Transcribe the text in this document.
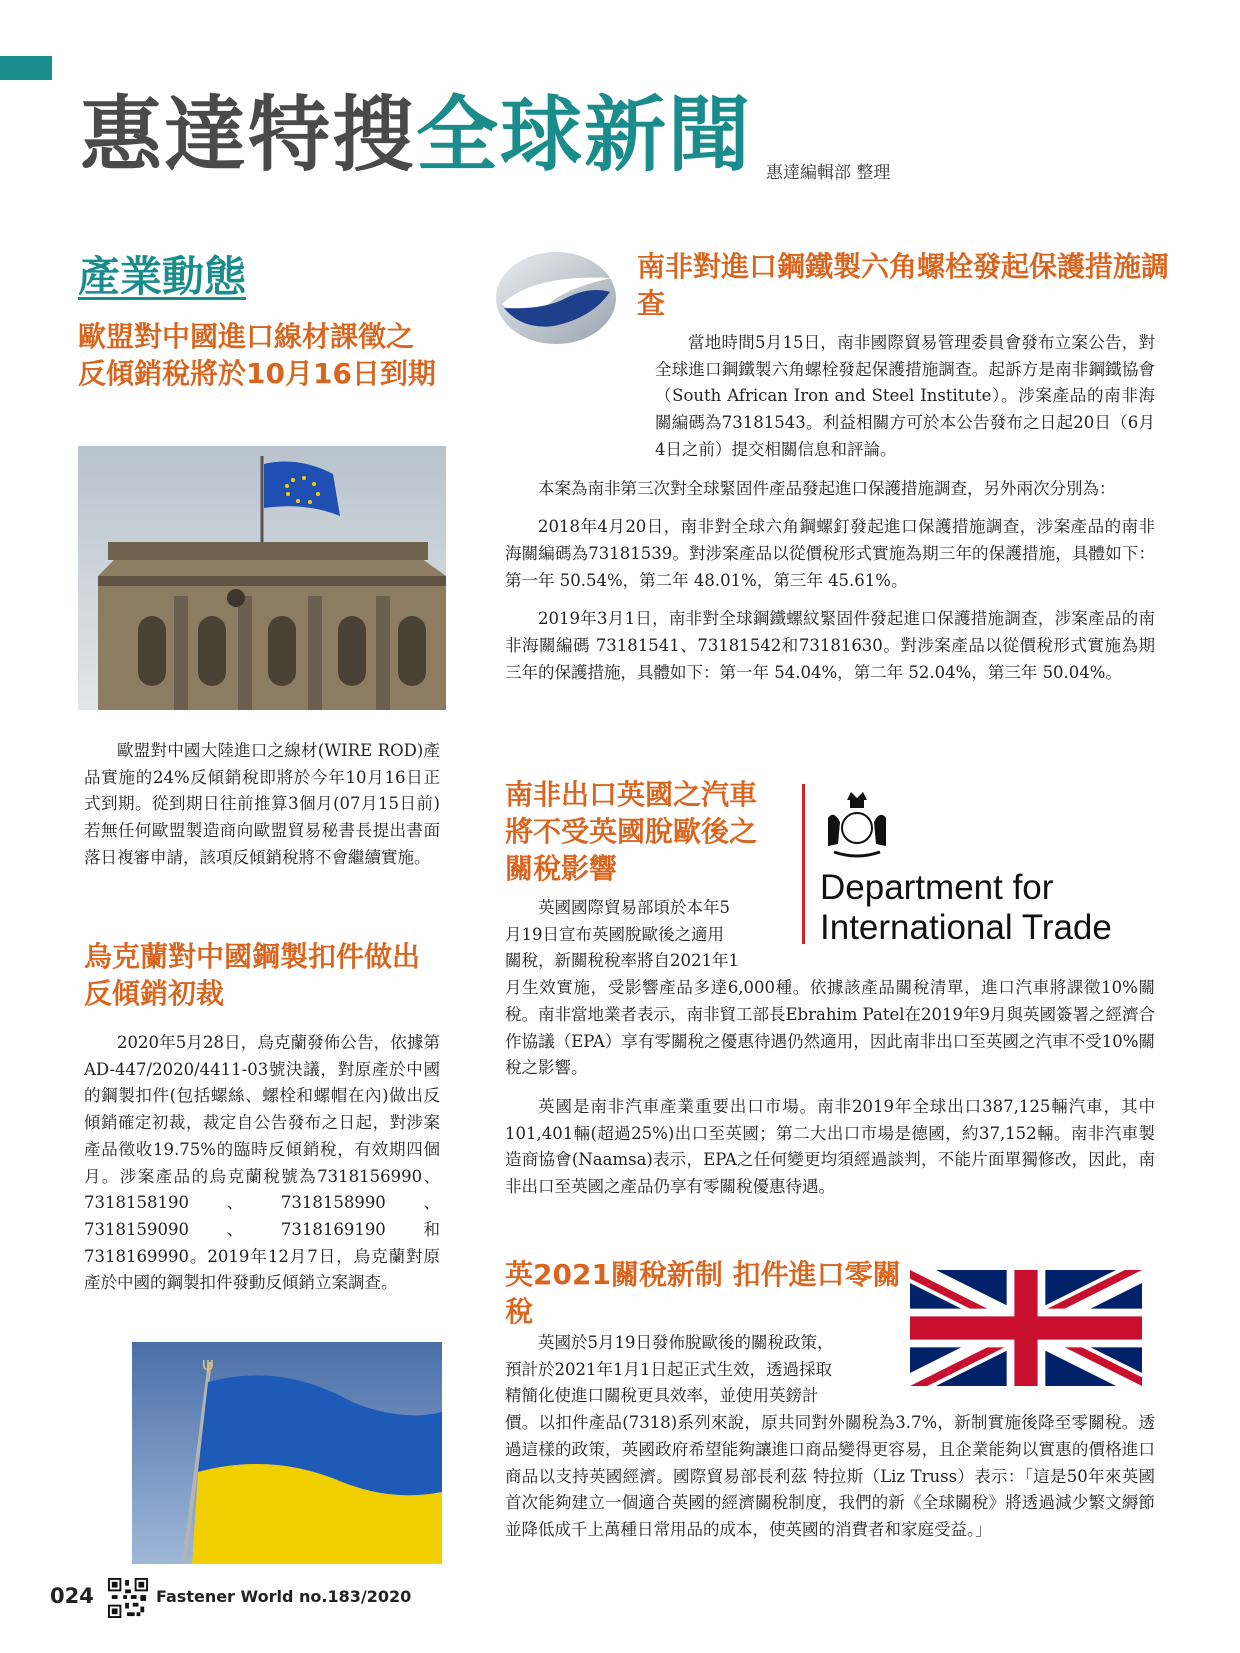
惠達特搜全球新聞 惠達編輯部 整理
產業動態
歐盟對中國進口線材課徵之反傾銷稅將於10月16日到期

歐盟對中國大陸進口之線材(WIRE ROD)產品實施的24%反傾銷稅即將於今年10月16日正式到期。從到期日往前推算3個月(07月15日前)若無任何歐盟製造商向歐盟貿易秘書長提出書面落日複審申請，該項反傾銷稅將不會繼續實施。

烏克蘭對中國鋼製扣件做出反傾銷初裁

2020年5月28日，烏克蘭發佈公告，依據第AD-447/2020/4411-03號決議，對原產於中國的鋼製扣件(包括螺絲、螺栓和螺帽在內)做出反傾銷確定初裁，裁定自公告發布之日起，對涉案產品徵收19.75%的臨時反傾銷稅，有效期四個月。涉案產品的烏克蘭稅號為7318156990、7318158190、7318158990、7318159090、7318169190和7318169990。2019年12月7日，烏克蘭對原產於中國的鋼製扣件發動反傾銷立案調查。

ψ
南非對進口鋼鐵製六角螺栓發起保護措施調查

當地時間5月15日，南非國際貿易管理委員會發布立案公告，對全球進口鋼鐵製六角螺栓發起保護措施調查。起訴方是南非鋼鐵協會（South African Iron and Steel Institute）。涉案產品的南非海關編碼為73181543。利益相關方可於本公告發布之日起20日（6月4日之前）提交相關信息和評論。

本案為南非第三次對全球緊固件產品發起進口保護措施調查，另外兩次分別為：

2018年4月20日，南非對全球六角鋼螺釘發起進口保護措施調查，涉案產品的南非海關編碼為73181539。對涉案產品以從價稅形式實施為期三年的保護措施，具體如下：第一年 50.54%，第二年 48.01%，第三年 45.61%。

2019年3月1日，南非對全球鋼鐵螺紋緊固件發起進口保護措施調查，涉案產品的南非海關編碼 73181541、73181542和73181630。對涉案產品以從價稅形式實施為期三年的保護措施，具體如下：第一年 54.04%，第二年 52.04%，第三年 50.04%。

南非出口英國之汽車將不受英國脫歐後之關稅影響	Department for
International Trade
英國國際貿易部頃於本年5
月19日宣布英國脫歐後之適用
關稅，新關稅稅率將自2021年1

月生效實施，受影響產品多達6,000種。依據該產品關稅清單，進口汽車將課徵10%關稅。南非當地業者表示，南非貿工部長Ebrahim Patel在2019年9月與英國簽署之經濟合作協議（EPA）享有零關稅之優惠待遇仍然適用，因此南非出口至英國之汽車不受10%關稅之影響。

英國是南非汽車產業重要出口市場。南非2019年全球出口387,125輛汽車，其中101,401輛(超過25%)出口至英國；第二大出口市場是德國，約37,152輛。南非汽車製造商協會(Naamsa)表示，EPA之任何變更均須經過談判，不能片面單獨修改，因此，南非出口至英國之產品仍享有零關稅優惠待遇。

英2021關稅新制 扣件進口零關稅
英國於5月19日發佈脫歐後的關稅政策，
預計於2021年1月1日起正式生效，透過採取
精簡化使進口關稅更具效率，並使用英鎊計

價。以扣件產品(7318)系列來說，原共同對外關稅為3.7%，新制實施後降至零關稅。透過這樣的政策，英國政府希望能夠讓進口商品變得更容易，且企業能夠以實惠的價格進口商品以支持英國經濟。國際貿易部長利茲 特拉斯（Liz Truss）表示：「這是50年來英國首次能夠建立一個適合英國的經濟關稅制度，我們的新《全球關稅》將透過減少繁文縟節並降低成千上萬種日常用品的成本，使英國的消費者和家庭受益。」

024	Fastener World no.183/2020
